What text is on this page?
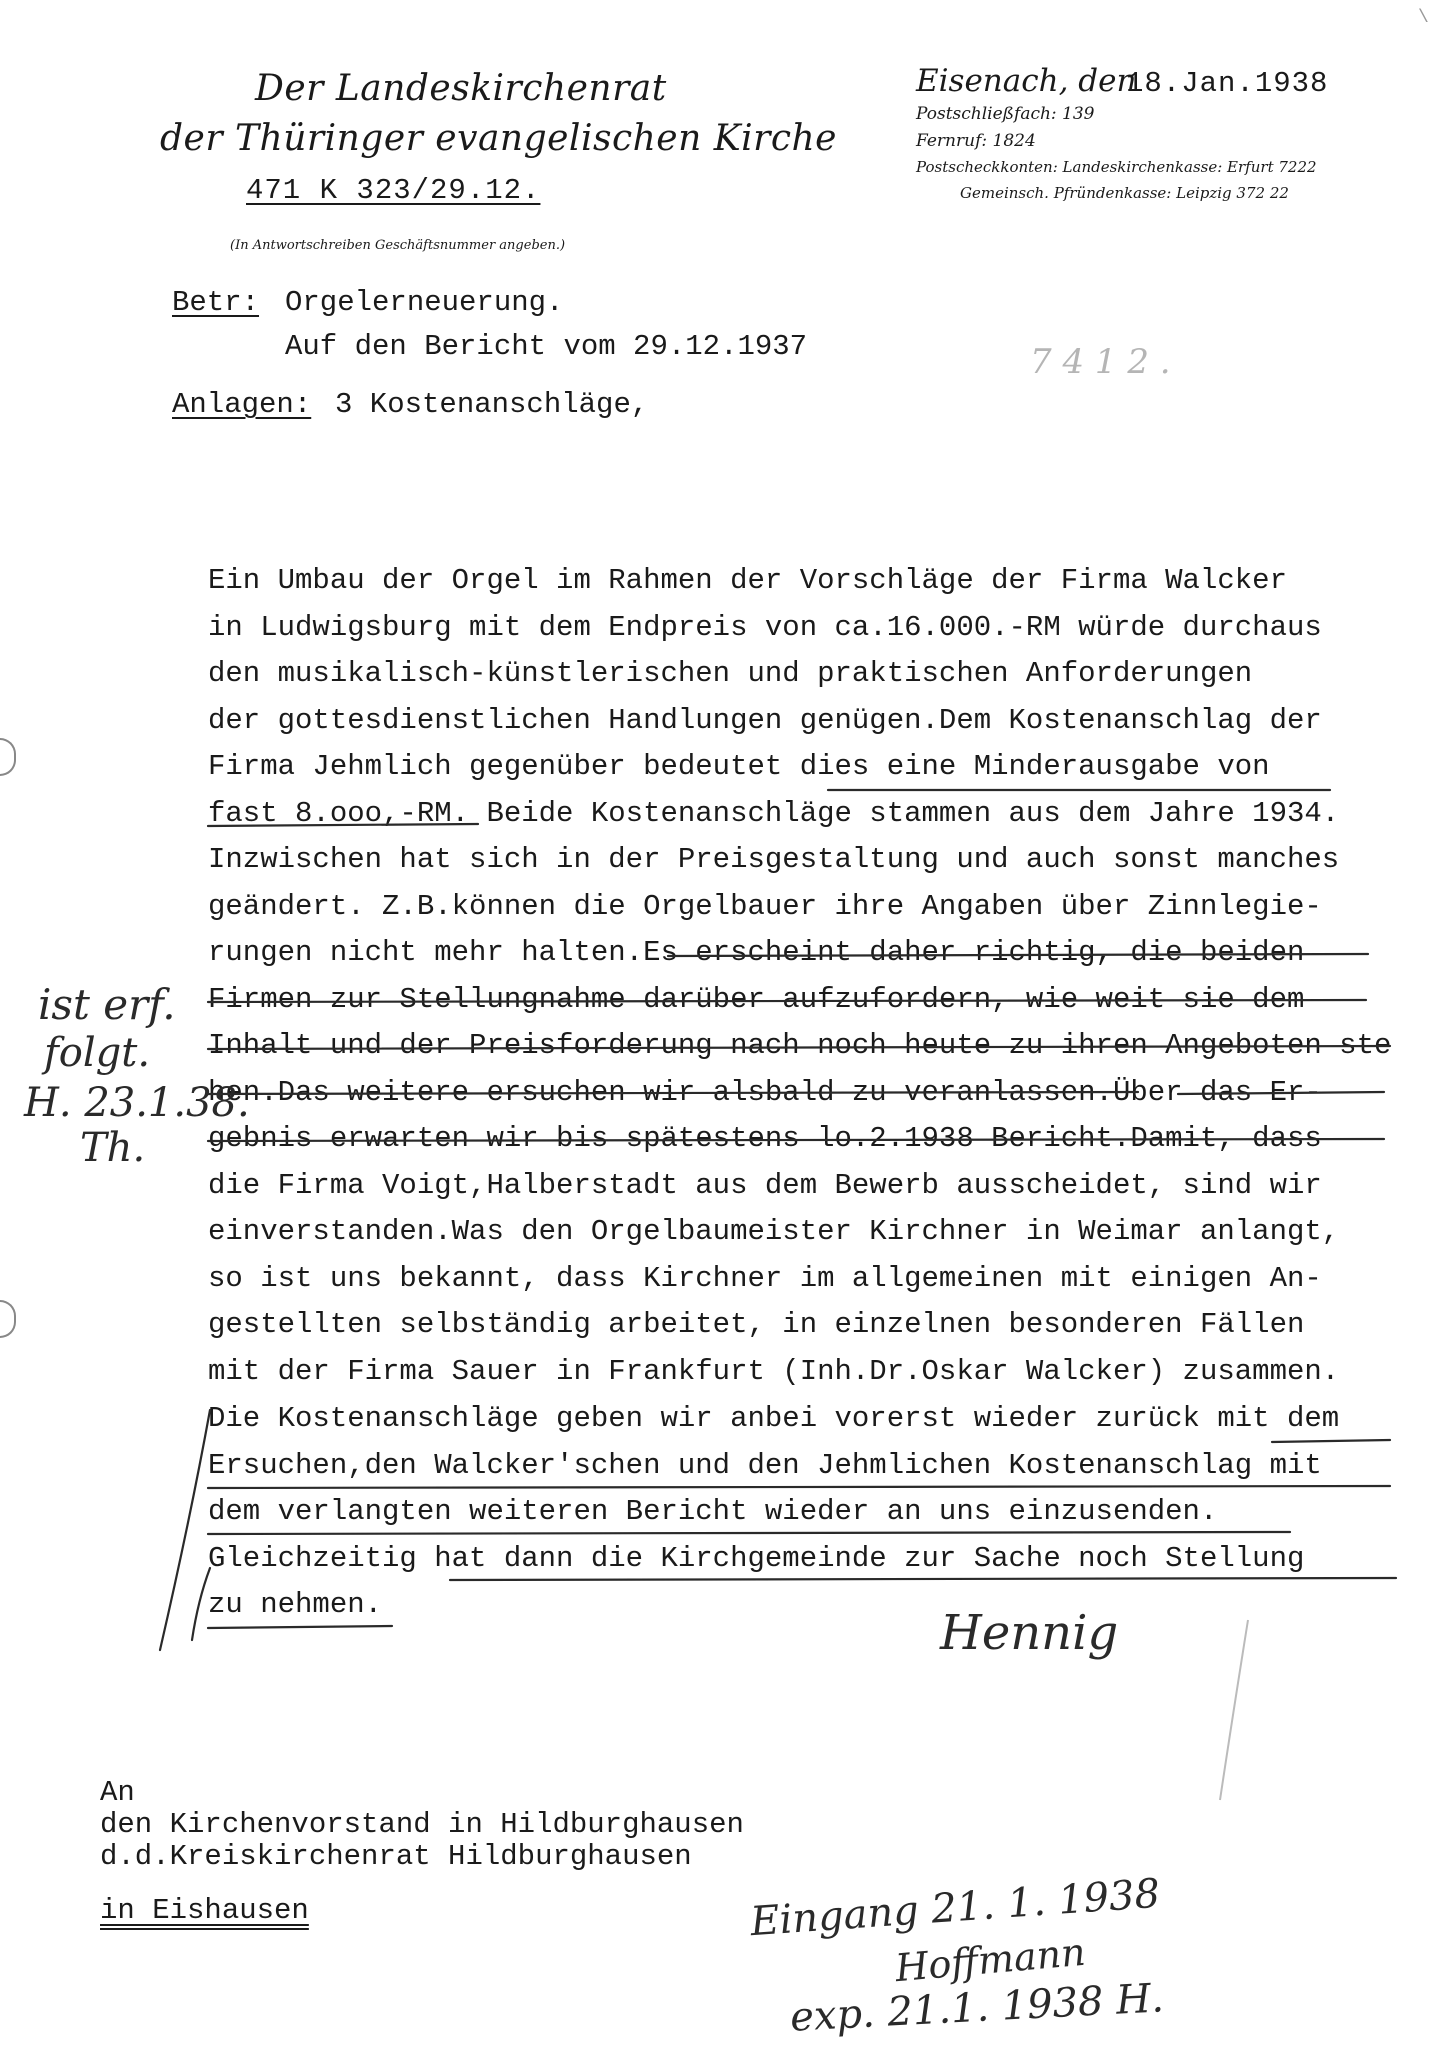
\
Der Landeskirchenrat
der Thüringer evangelischen Kirche
471 K 323/29.12.
(In Antwortschreiben Geschäftsnummer angeben.)
Eisenach, den
18.Jan.1938
Postschließfach: 139
Fernruf: 1824
Postscheckkonten: Landeskirchenkasse: Erfurt 7222
Gemeinsch. Pfründenkasse: Leipzig 372 22
Betr: Orgelerneuerung.
Auf den Bericht vom 29.12.1937
Anlagen: 3 Kostenanschläge,
7 4 1 2 .
Ein Umbau der Orgel im Rahmen der Vorschläge der Firma Walcker
in Ludwigsburg mit dem Endpreis von ca.16.000.-RM würde durchaus
den musikalisch-künstlerischen und praktischen Anforderungen
der gottesdienstlichen Handlungen genügen.Dem Kostenanschlag der
Firma Jehmlich gegenüber bedeutet dies eine Minderausgabe von
fast 8.ooo,-RM. Beide Kostenanschläge stammen aus dem Jahre 1934.
Inzwischen hat sich in der Preisgestaltung und auch sonst manches
geändert. Z.B.können die Orgelbauer ihre Angaben über Zinnlegie-
rungen nicht mehr halten.Es erscheint daher richtig, die beiden
Firmen zur Stellungnahme darüber aufzufordern, wie weit sie dem
Inhalt und der Preisforderung nach noch heute zu ihren Angeboten ste
hen.Das weitere ersuchen wir alsbald zu veranlassen.Über das Er-
gebnis erwarten wir bis spätestens lo.2.1938 Bericht.Damit, dass
die Firma Voigt,Halberstadt aus dem Bewerb ausscheidet, sind wir
einverstanden.Was den Orgelbaumeister Kirchner in Weimar anlangt,
so ist uns bekannt, dass Kirchner im allgemeinen mit einigen An-
gestellten selbständig arbeitet, in einzelnen besonderen Fällen
mit der Firma Sauer in Frankfurt (Inh.Dr.Oskar Walcker) zusammen.
Die Kostenanschläge geben wir anbei vorerst wieder zurück mit dem
Ersuchen,den Walcker'schen und den Jehmlichen Kostenanschlag mit
dem verlangten weiteren Bericht wieder an uns einzusenden.
Gleichzeitig hat dann die Kirchgemeinde zur Sache noch Stellung
zu nehmen.
ist erf.
folgt.
H. 23.1.38.
Th.
Hennig
An
den Kirchenvorstand in Hildburghausen
d.d.Kreiskirchenrat Hildburghausen
in Eishausen	Eingang 21. 1. 1938
Hoffmann
exp. 21.1. 1938 H.
